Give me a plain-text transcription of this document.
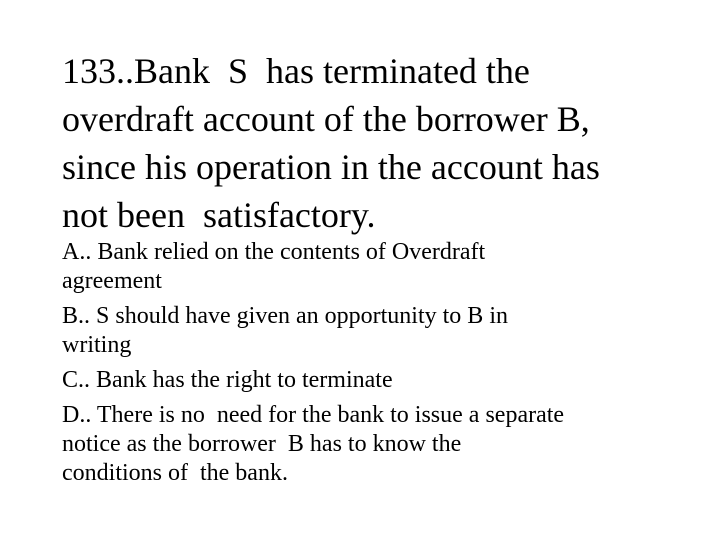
133..Bank  S  has terminated the
overdraft account of the borrower B,
since his operation in the account has
not been  satisfactory.
A.. Bank relied on the contents of Overdraft
agreement
B.. S should have given an opportunity to B in
writing
C.. Bank has the right to terminate
D.. There is no  need for the bank to issue a separate
notice as the borrower  B has to know the
conditions of  the bank.
